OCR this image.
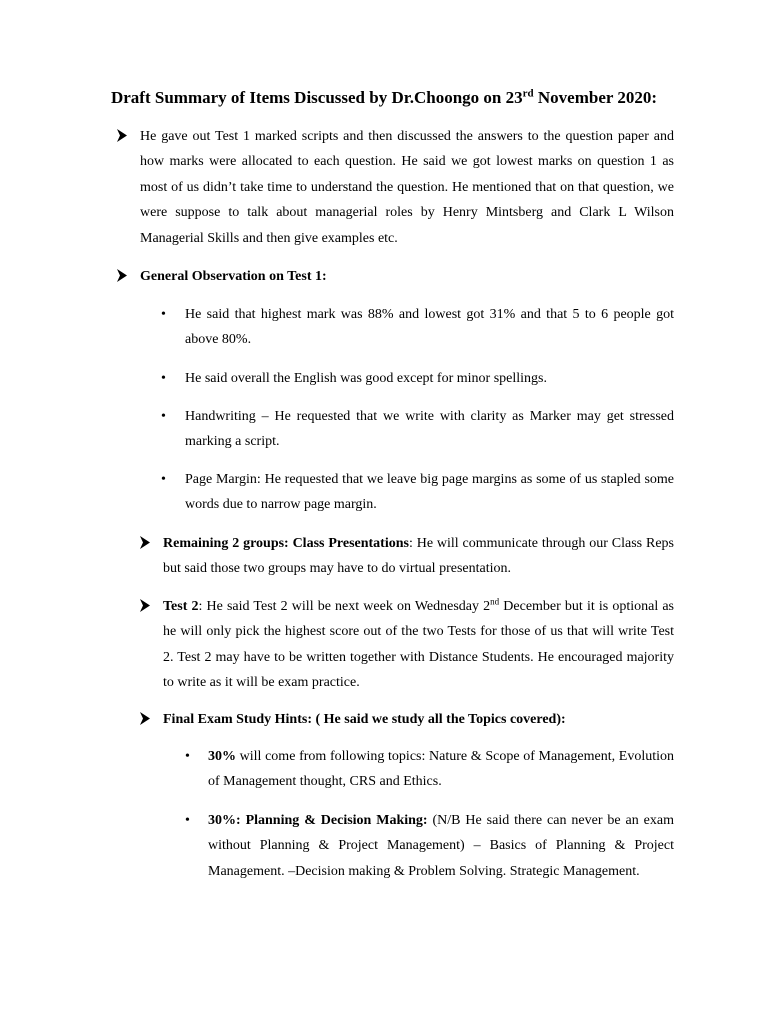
Draft Summary of Items Discussed by Dr.Choongo on 23rd November 2020:
He gave out Test 1 marked scripts and then discussed the answers to the question paper and how marks were allocated to each question. He said we got lowest marks on question 1 as most of us didn’t take time to understand the question. He mentioned that on that question, we were suppose to talk about managerial roles by Henry Mintsberg and Clark L Wilson Managerial Skills and then give examples etc.
General Observation on Test 1:
• He said that highest mark was 88% and lowest got 31% and that 5 to 6 people got above 80%.
• He said overall the English was good except for minor spellings.
• Handwriting – He requested that we write with clarity as Marker may get stressed marking a script.
• Page Margin: He requested that we leave big page margins as some of us stapled some words due to narrow page margin.
Remaining 2 groups: Class Presentations: He will communicate through our Class Reps but said those two groups may have to do virtual presentation.
Test 2: He said Test 2 will be next week on Wednesday 2nd December but it is optional as he will only pick the highest score out of the two Tests for those of us that will write Test 2. Test 2 may have to be written together with Distance Students. He encouraged majority to write as it will be exam practice.
Final Exam Study Hints: ( He said we study all the Topics covered):
• 30% will come from following topics: Nature & Scope of Management, Evolution of Management thought, CRS and Ethics.
• 30%: Planning & Decision Making: (N/B He said there can never be an exam without Planning & Project Management) – Basics of Planning & Project Management. –Decision making & Problem Solving. Strategic Management.
